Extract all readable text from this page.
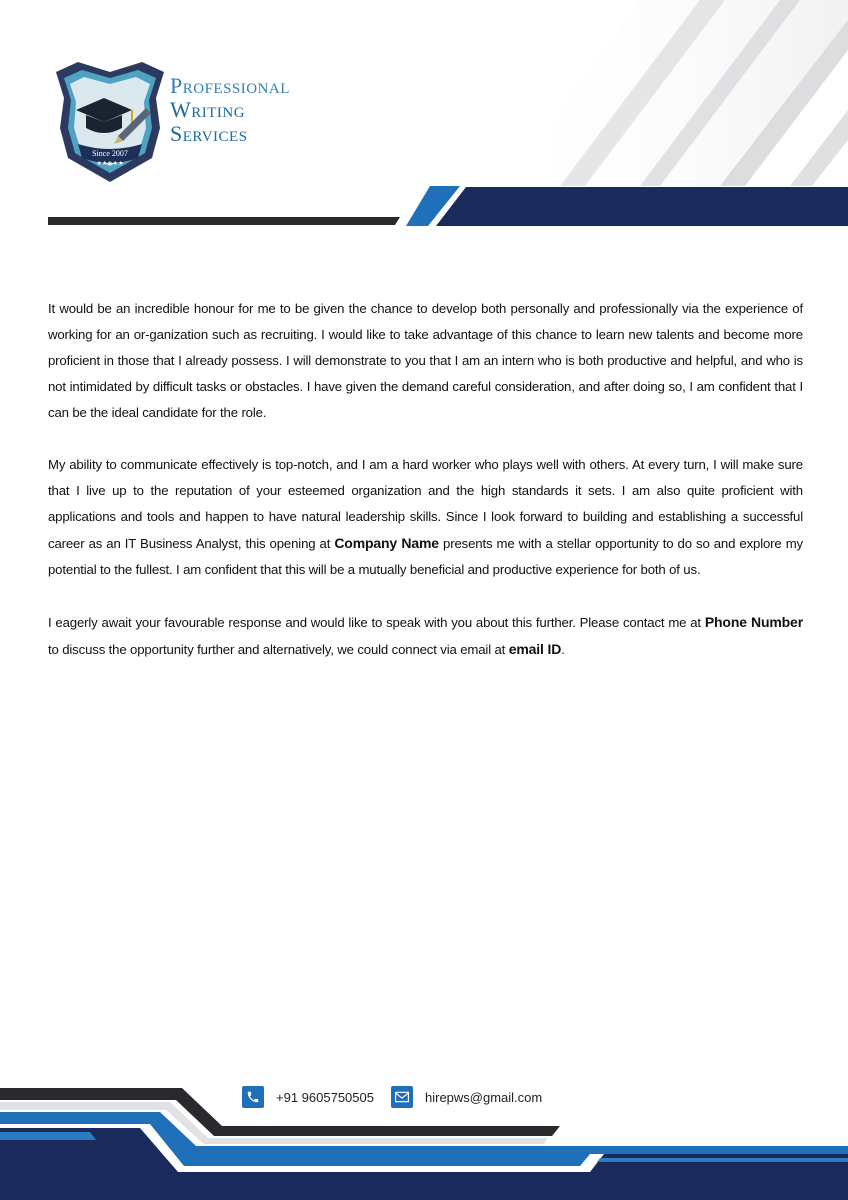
Since 2007
★★★★★
Professional
Writing
Services

It would be an incredible honour for me to be given the chance to develop both personally and professionally via the experience of working for an or-ganization such as recruiting. I would like to take advantage of this chance to learn new talents and become more proficient in those that I already possess. I will demonstrate to you that I am an intern who is both productive and helpful, and who is not intimidated by difficult tasks or obstacles. I have given the demand careful consideration, and after doing so, I am confident that I can be the ideal candidate for the role.

My ability to communicate effectively is top-notch, and I am a hard worker who plays well with others. At every turn, I will make sure that I live up to the reputation of your esteemed organization and the high standards it sets. I am also quite proficient with applications and tools and happen to have natural leadership skills. Since I look forward to building and establishing a successful career as an IT Business Analyst, this opening at Company Name presents me with a stellar opportunity to do so and explore my potential to the fullest. I am confident that this will be a mutually beneficial and productive experience for both of us.

I eagerly await your favourable response and would like to speak with you about this further. Please contact me at Phone Number to discuss the opportunity further and alternatively, we could connect via email at email ID.

+91 9605750505	hirepws@gmail.com
